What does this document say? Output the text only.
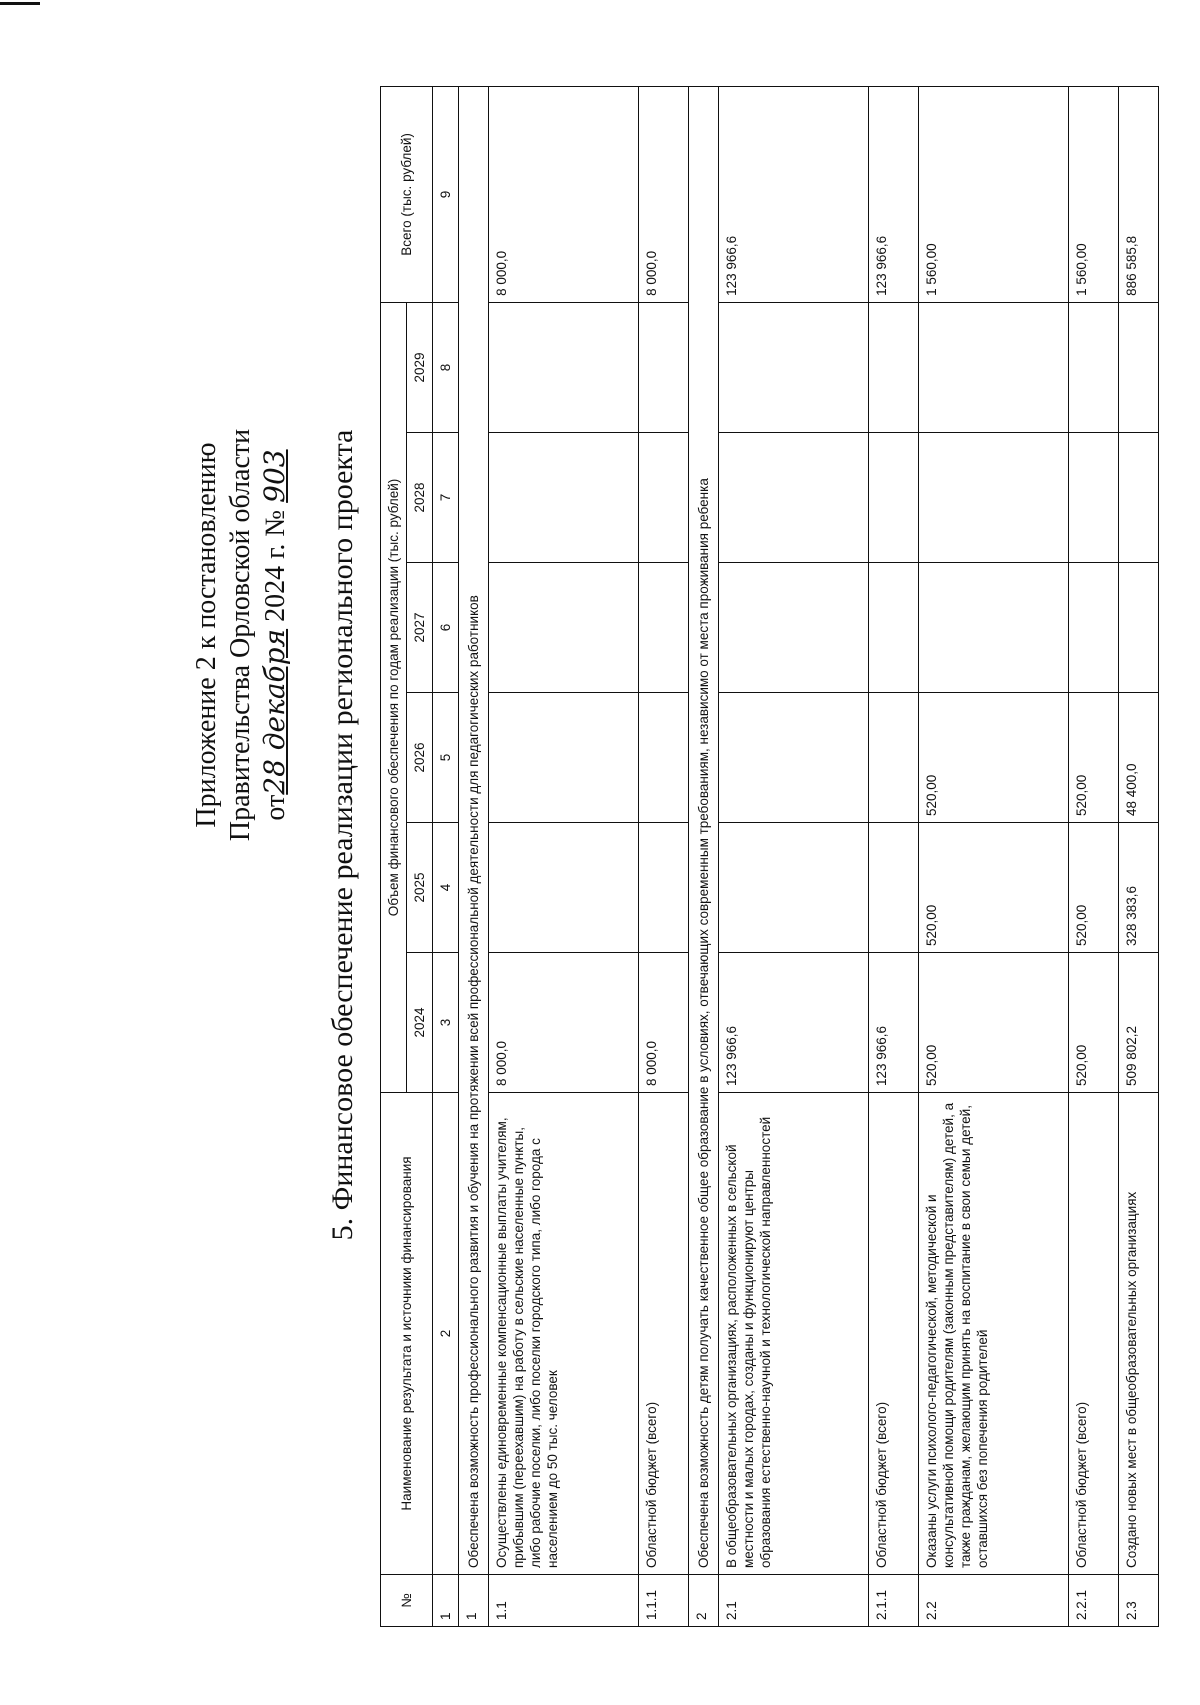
Приложение 2 к постановлению Правительства Орловской области от28 декабря 2024 г. № 903 5. Финансовое обеспечение реализации регионального проекта
№	Наименование результата и источники финансирования	Объем финансового обеспечения по годам реализации (тыс. рублей)						Всего (тыс. рублей)
		2024	2025	2026	2027	2028	2029	
1	2	3	4	5	6	7	8	9
1	Обеспечена возможность профессионального развития и обучения на протяжении всей профессиональной деятельности для педагогических работников							
1.1	Осуществлены единовременные компенсационные выплаты учителям, прибывшим (переехавшим) на работу в сельские населенные пункты, либо рабочие поселки, либо поселки городского типа, либо города с населением до 50 тыс. человек	8 000,0						8 000,0
1.1.1	Областной бюджет (всего)	8 000,0						8 000,0
2	Обеспечена возможность детям получать качественное общее образование в условиях, отвечающих современным требованиям, независимо от места проживания ребенка							
2.1	В общеобразовательных организациях, расположенных в сельской местности и малых городах, созданы и функционируют центры образования естественно-научной и технологической направленностей	123 966,6						123 966,6
2.1.1	Областной бюджет (всего)	123 966,6						123 966,6
2.2	Оказаны услуги психолого-педагогической, методической и консультативной помощи родителям (законным представителям) детей, а также гражданам, желающим принять на воспитание в свои семьи детей, оставшихся без попечения родителей	520,00	520,00	520,00				1 560,00
2.2.1	Областной бюджет (всего)	520,00	520,00	520,00				1 560,00
2.3	Создано новых мест в общеобразовательных организациях	509 802,2	328 383,6	48 400,0				886 585,8
